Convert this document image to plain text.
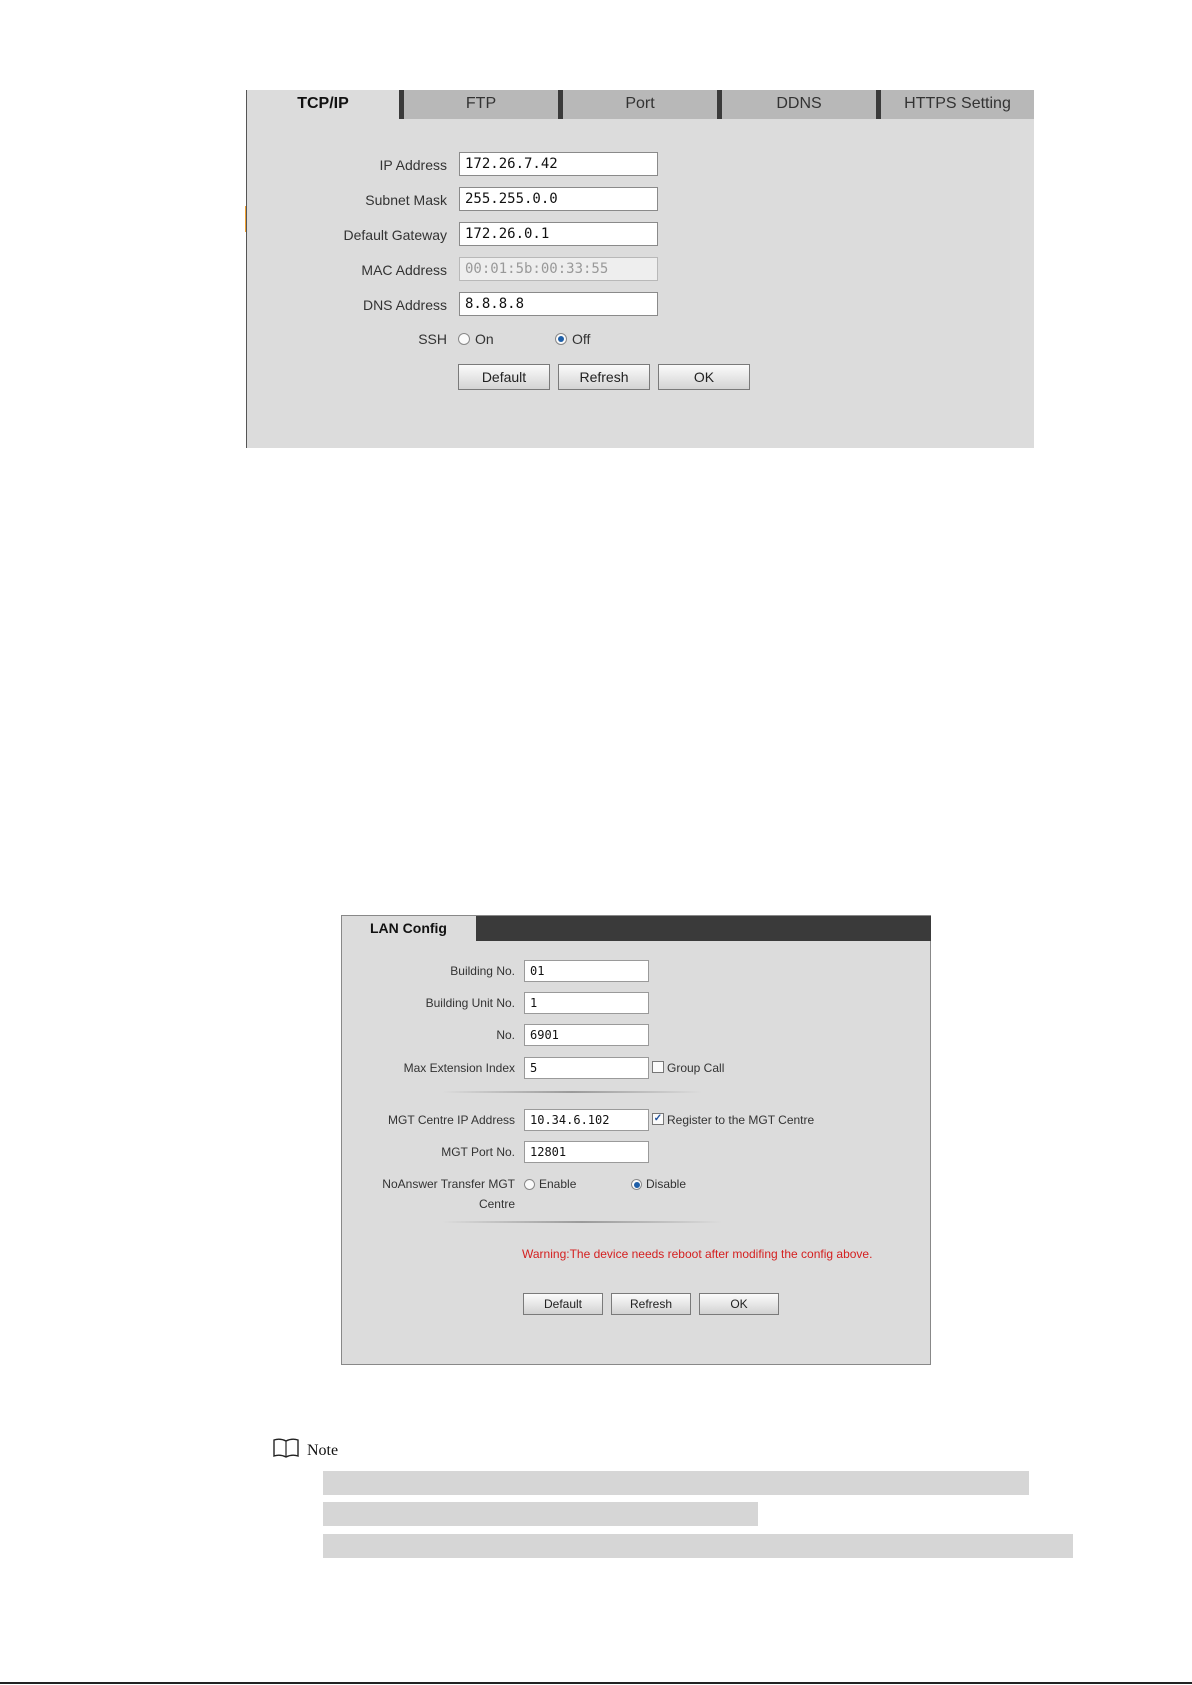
TCP/IP	FTP	Port	DDNS	HTTPS Setting
IP Address	172.26.7.42
Subnet Mask	255.255.0.0
Default Gateway	172.26.0.1
MAC Address	00:01:5b:00:33:55
DNS Address	8.8.8.8
SSH On	Off
Default	Refresh	OK
LAN Config
Building No.	01
Building Unit No.	1
No.	6901
Max Extension Index	5	Group Call
MGT Centre IP Address	10.34.6.102	✓ Register to the MGT Centre
MGT Port No.	12801
NoAnswer Transfer MGT
Centre
Enable	Disable
Warning:The device needs reboot after modifing the config above.
Default	Refresh	OK
Note
